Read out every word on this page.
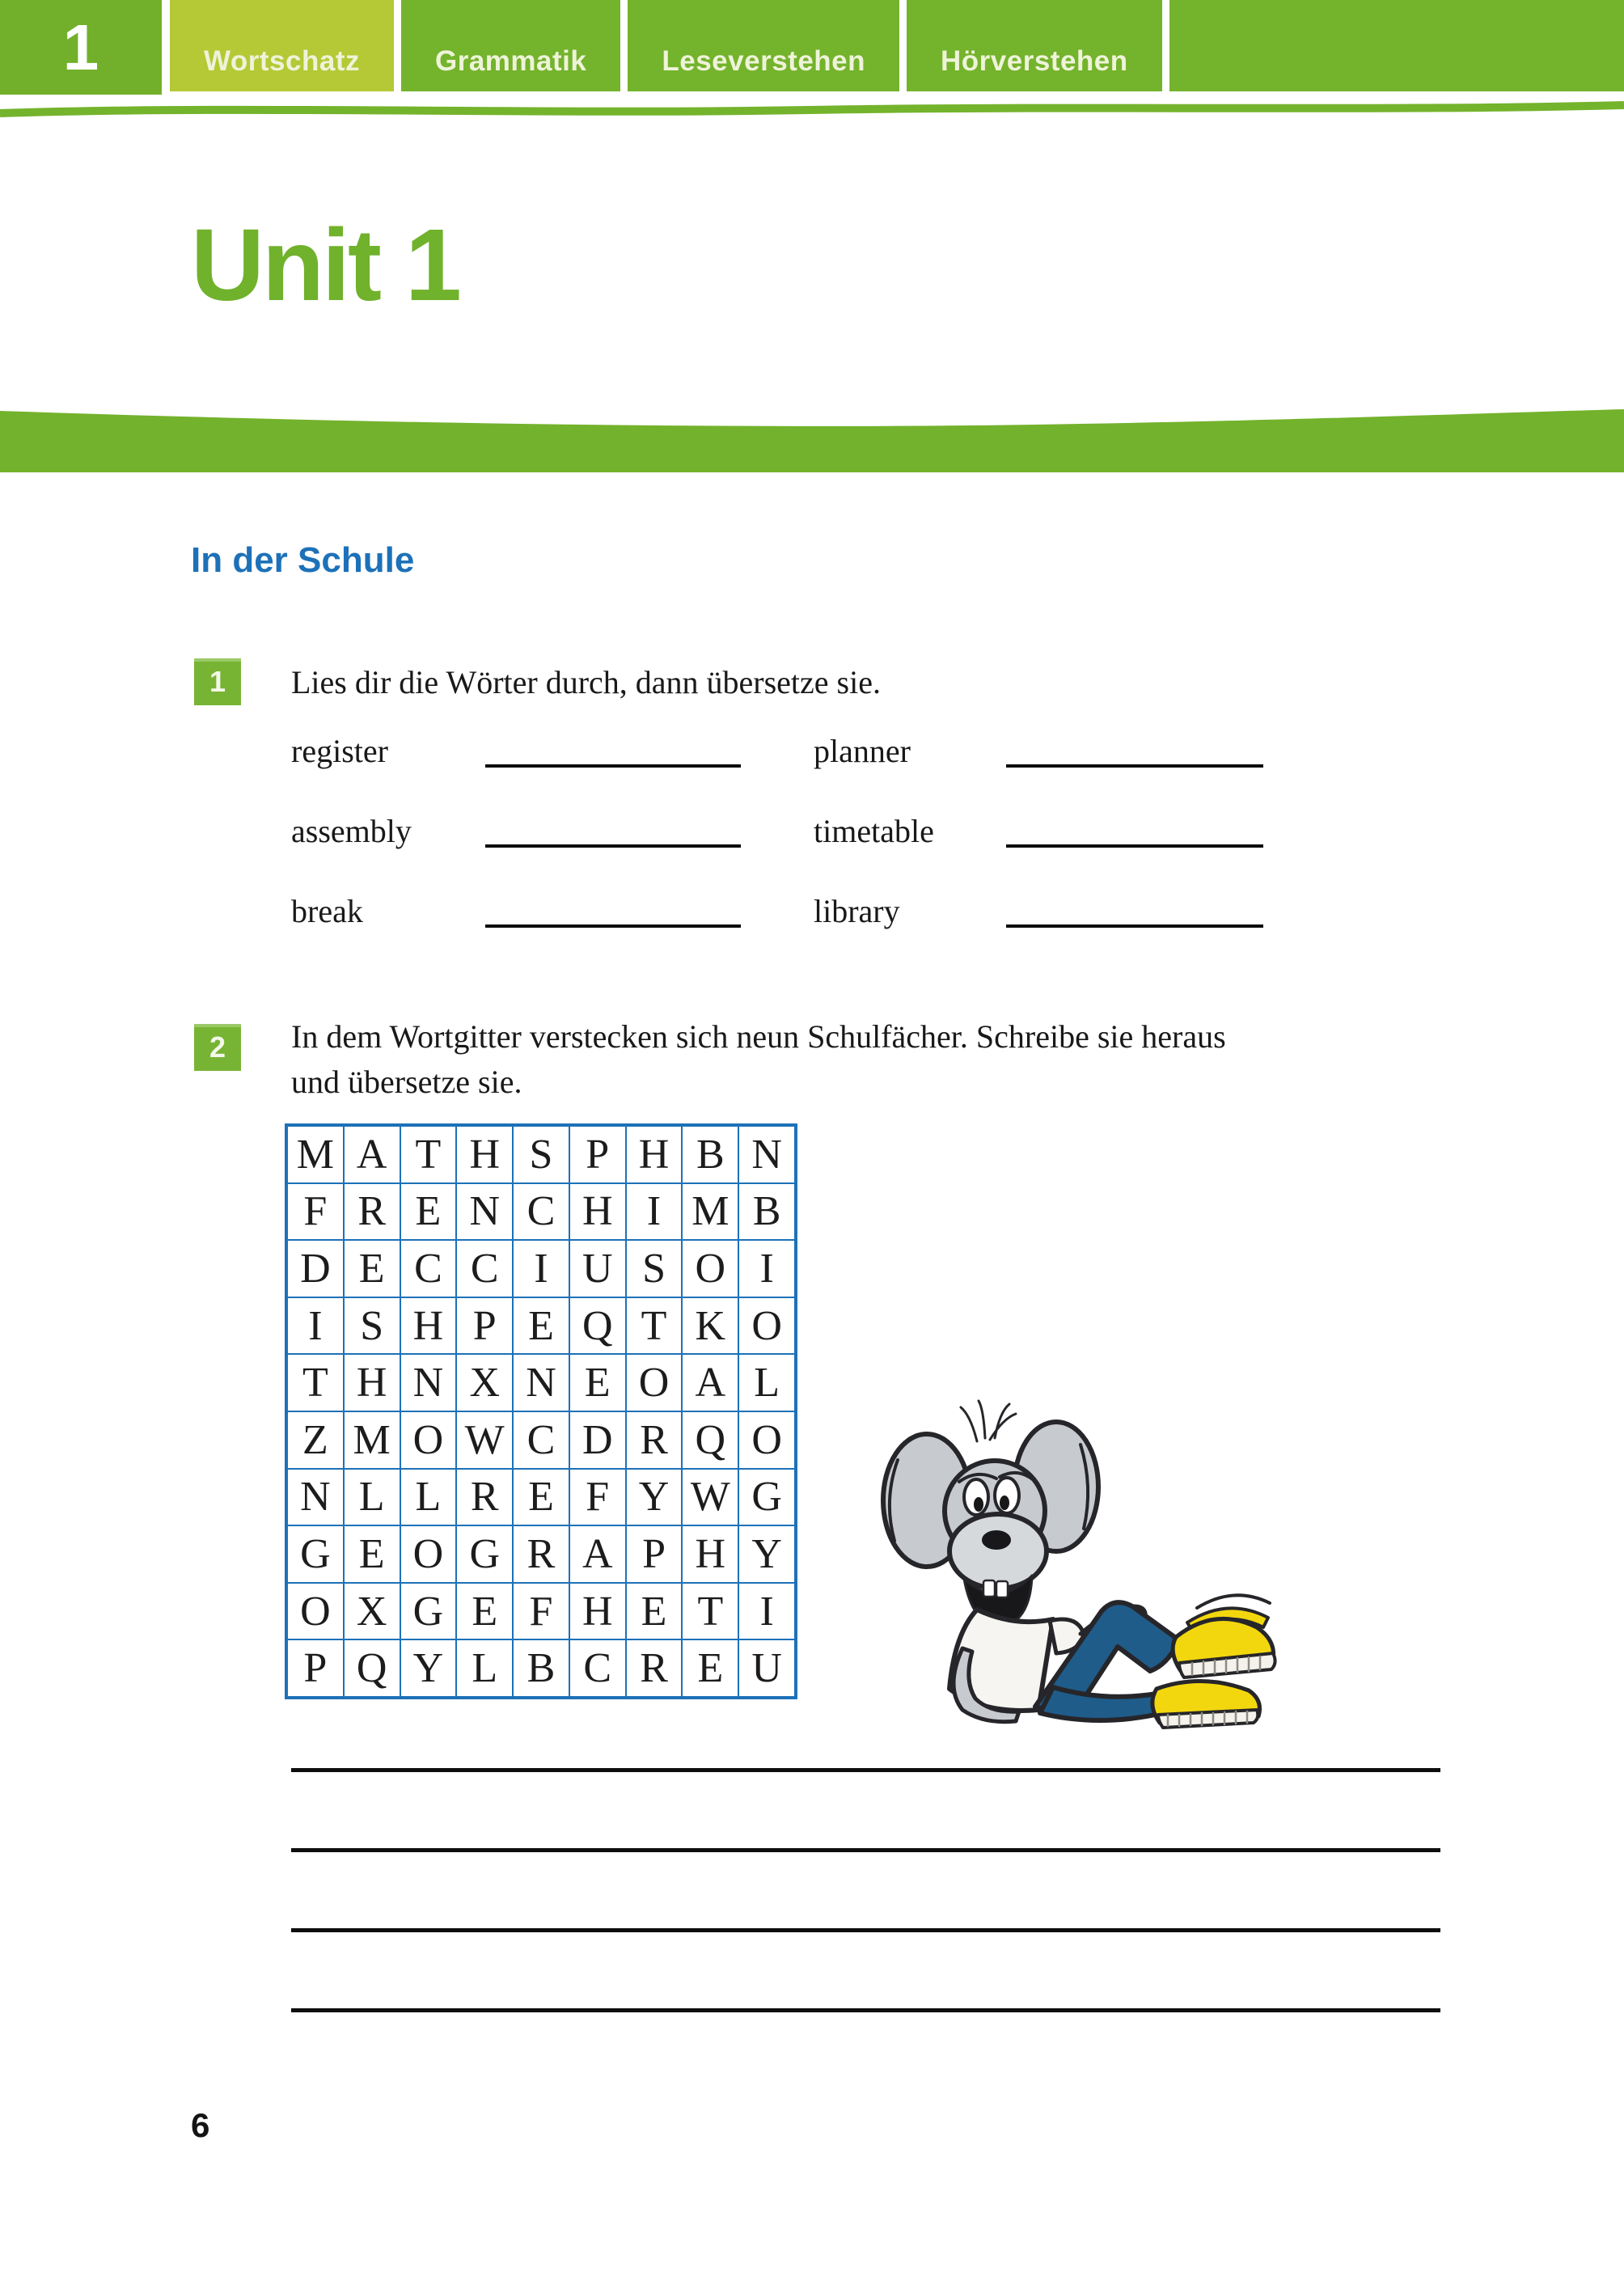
1	Wortschatz	Grammatik	Leseverstehen	Hörverstehen
Unit 1
In der Schule
1 Lies dir die Wörter durch, dann übersetze sie.
register	planner
assembly	timetable
break	library
2 In dem Wortgitter verstecken sich neun Schulfächer. Schreibe sie heraus
und übersetze sie.
M A T H S P H B N
F R E N C H I M B
D E C C I U S O I
I S H P E Q T K O
T H N X N E O A L
Z M O W C D R Q O
N L L R E F Y W G
G E O G R A P H Y
O X G E F H E T I
P Q Y L B C R E U
6
